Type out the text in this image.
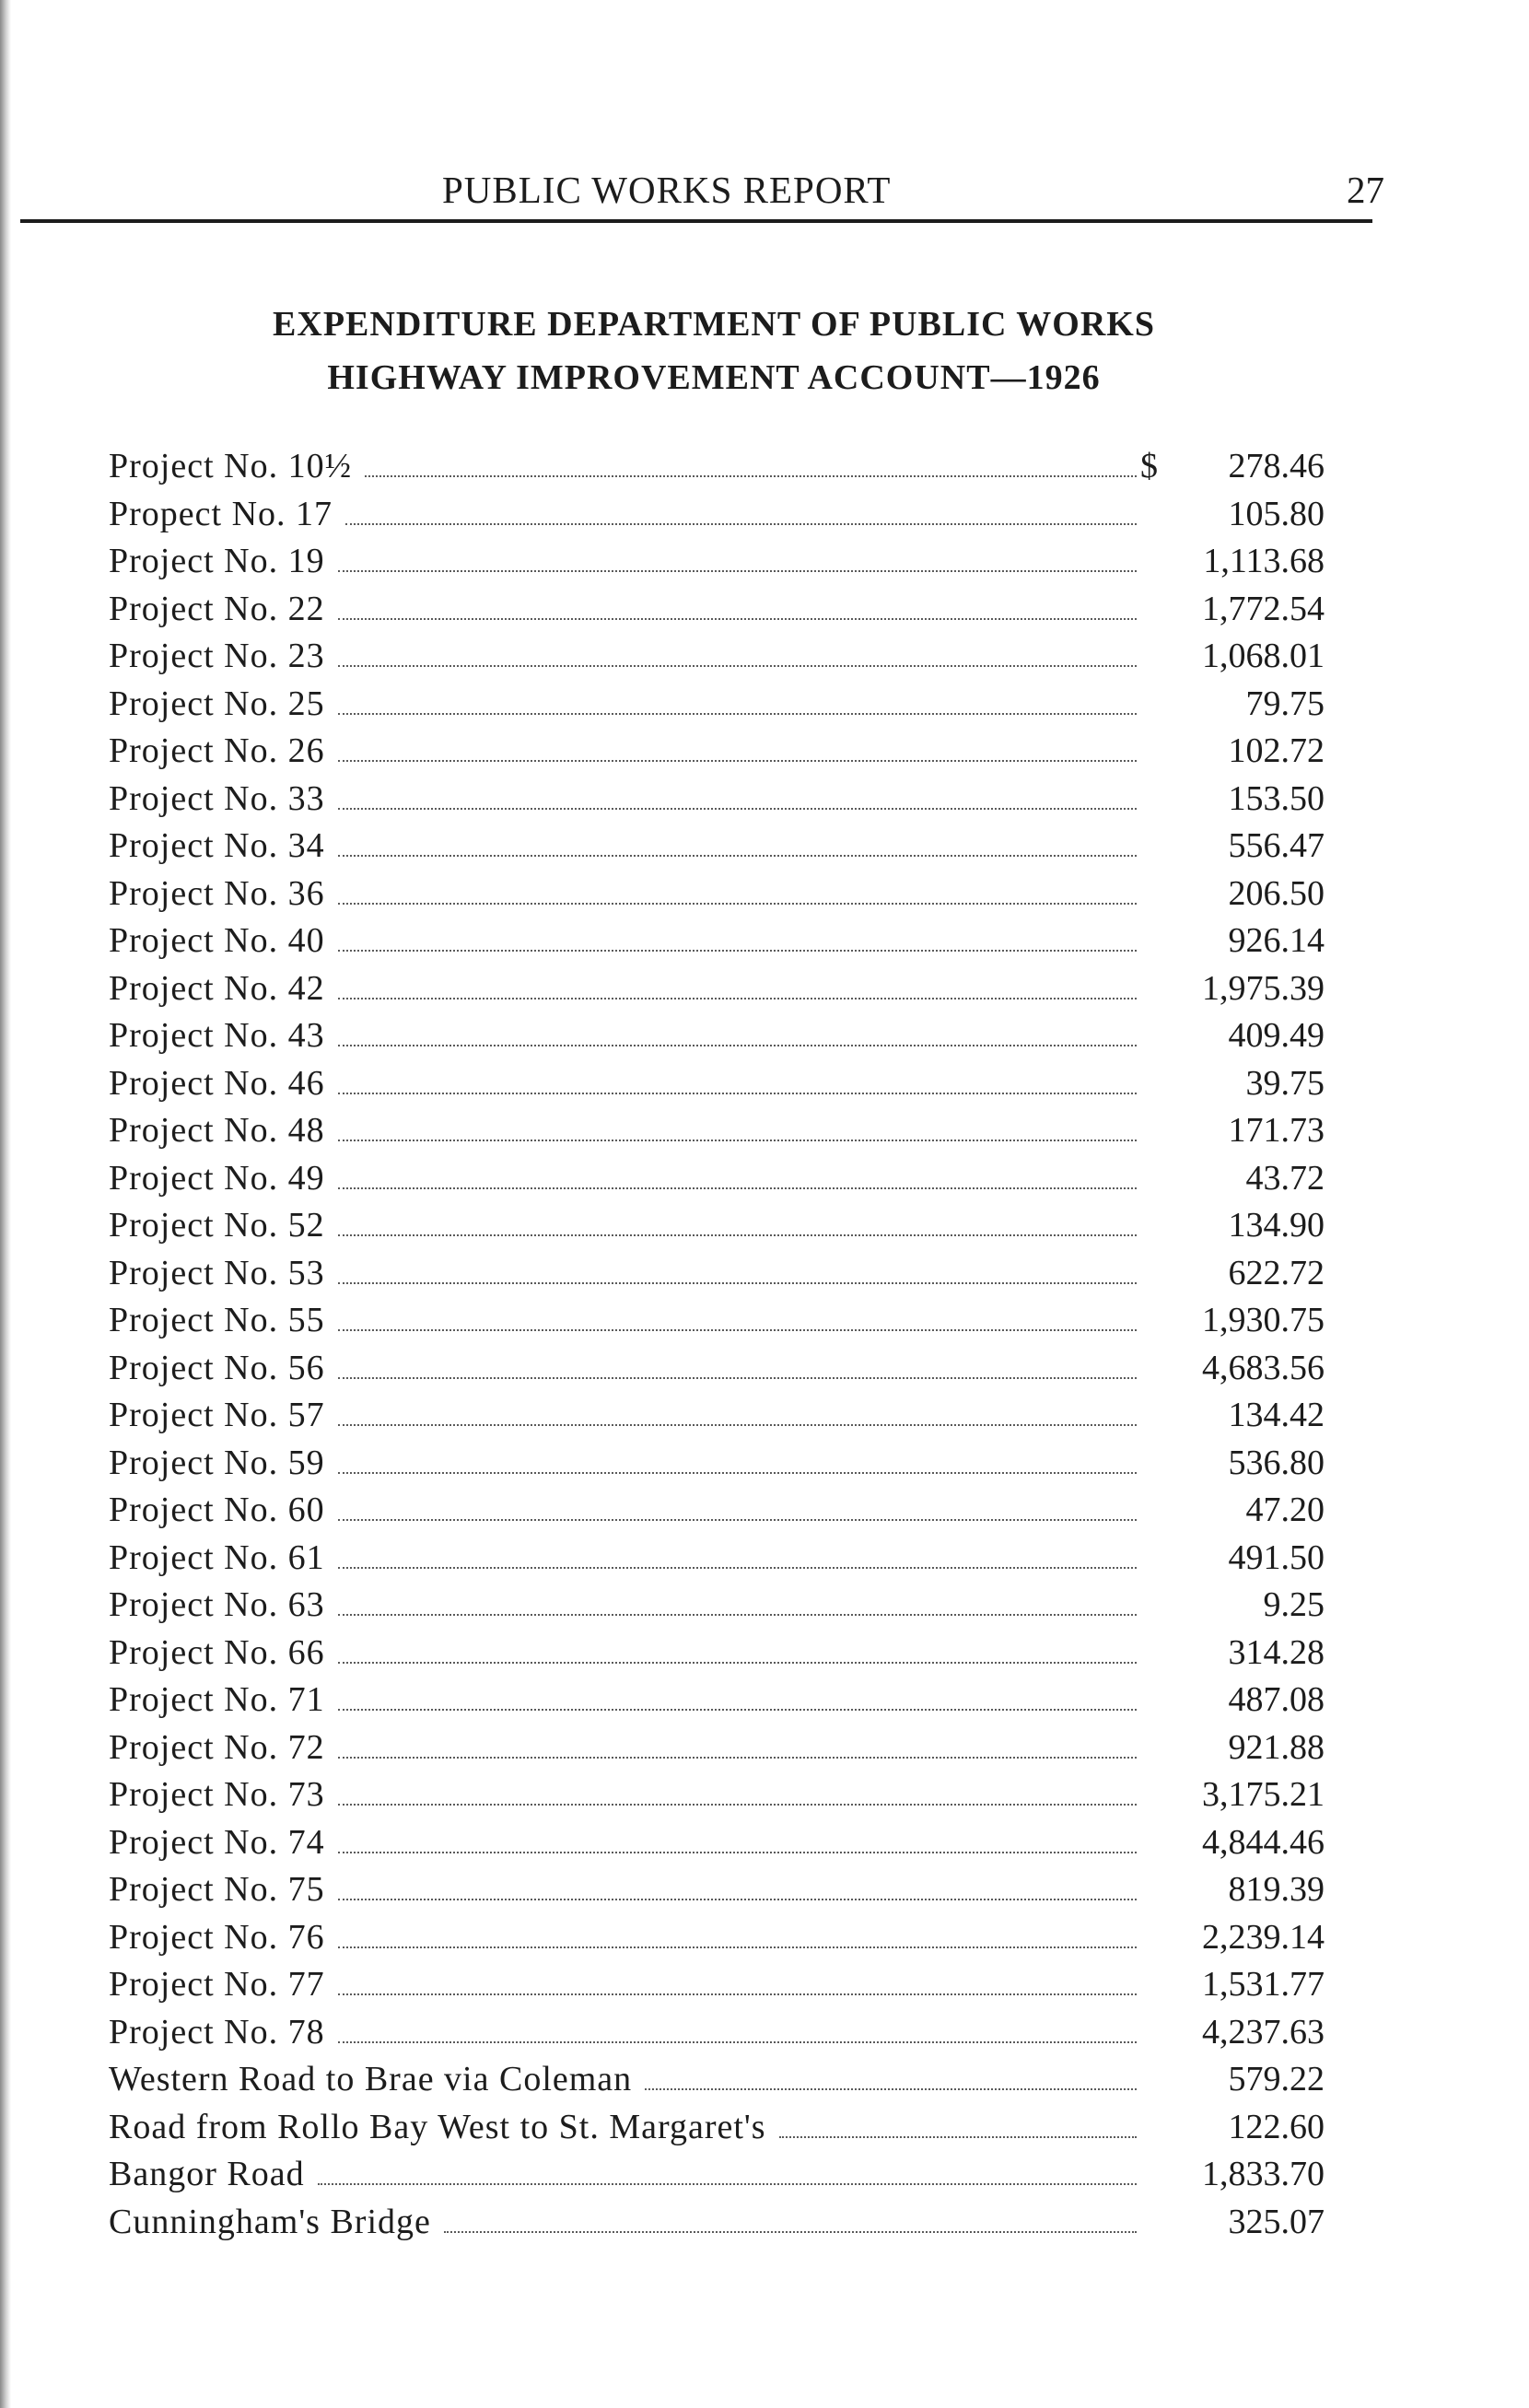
PUBLIC WORKS REPORT	27
EXPENDITURE DEPARTMENT OF PUBLIC WORKS
HIGHWAY IMPROVEMENT ACCOUNT—1926
Project No. 10½	$	278.46
Propect No. 17	105.80
Project No. 19	1,113.68
Project No. 22	1,772.54
Project No. 23	1,068.01
Project No. 25	79.75
Project No. 26	102.72
Project No. 33	153.50
Project No. 34	556.47
Project No. 36	206.50
Project No. 40	926.14
Project No. 42	1,975.39
Project No. 43	409.49
Project No. 46	39.75
Project No. 48	171.73
Project No. 49	43.72
Project No. 52	134.90
Project No. 53	622.72
Project No. 55	1,930.75
Project No. 56	4,683.56
Project No. 57	134.42
Project No. 59	536.80
Project No. 60	47.20
Project No. 61	491.50
Project No. 63	9.25
Project No. 66	314.28
Project No. 71	487.08
Project No. 72	921.88
Project No. 73	3,175.21
Project No. 74	4,844.46
Project No. 75	819.39
Project No. 76	2,239.14
Project No. 77	1,531.77
Project No. 78	4,237.63
Western Road to Brae via Coleman	579.22
Road from Rollo Bay West to St. Margaret's	122.60
Bangor Road	1,833.70
Cunningham's Bridge	325.07
